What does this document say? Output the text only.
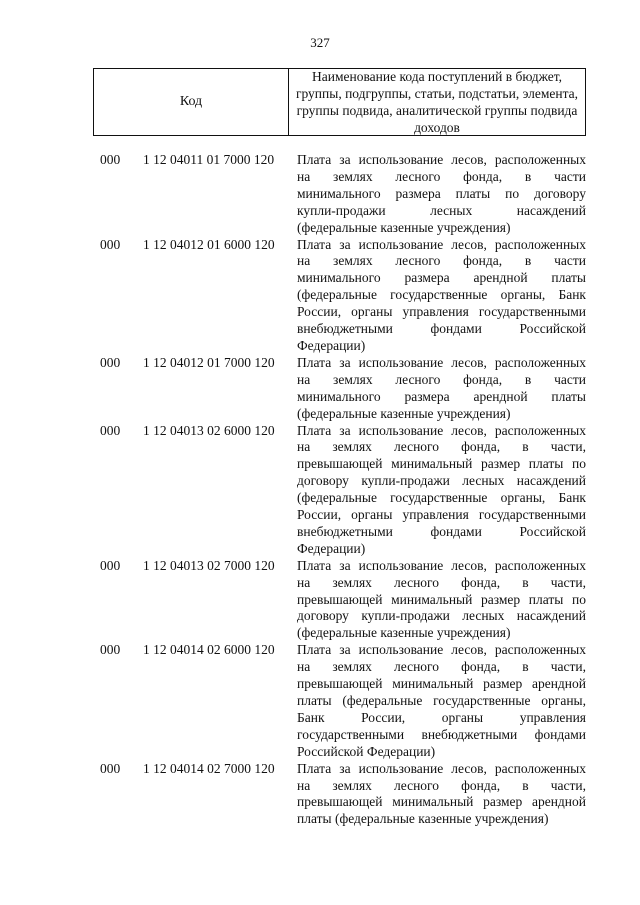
327
Код
Наименование кода поступлений в бюджет, группы, подгруппы, статьи, подстатьи, элемента, группы подвида, аналитической группы подвида доходов
000	1 12 04011 01 7000 120	Плата за использование лесов, расположенных
на землях лесного фонда, в части
минимального размера платы по договору
купли-продажи лесных насаждений
(федеральные казенные учреждения)
000	1 12 04012 01 6000 120	Плата за использование лесов, расположенных
на землях лесного фонда, в части
минимального размера арендной платы
(федеральные государственные органы, Банк
России, органы управления государственными
внебюджетными фондами Российской
Федерации)
000	1 12 04012 01 7000 120	Плата за использование лесов, расположенных
на землях лесного фонда, в части
минимального размера арендной платы
(федеральные казенные учреждения)
000	1 12 04013 02 6000 120	Плата за использование лесов, расположенных
на землях лесного фонда, в части,
превышающей минимальный размер платы по
договору купли-продажи лесных насаждений
(федеральные государственные органы, Банк
России, органы управления государственными
внебюджетными фондами Российской
Федерации)
000	1 12 04013 02 7000 120	Плата за использование лесов, расположенных
на землях лесного фонда, в части,
превышающей минимальный размер платы по
договору купли-продажи лесных насаждений
(федеральные казенные учреждения)
000	1 12 04014 02 6000 120	Плата за использование лесов, расположенных
на землях лесного фонда, в части,
превышающей минимальный размер арендной
платы (федеральные государственные органы,
Банк России, органы управления
государственными внебюджетными фондами
Российской Федерации)
000	1 12 04014 02 7000 120	Плата за использование лесов, расположенных
на землях лесного фонда, в части,
превышающей минимальный размер арендной
платы (федеральные казенные учреждения)
